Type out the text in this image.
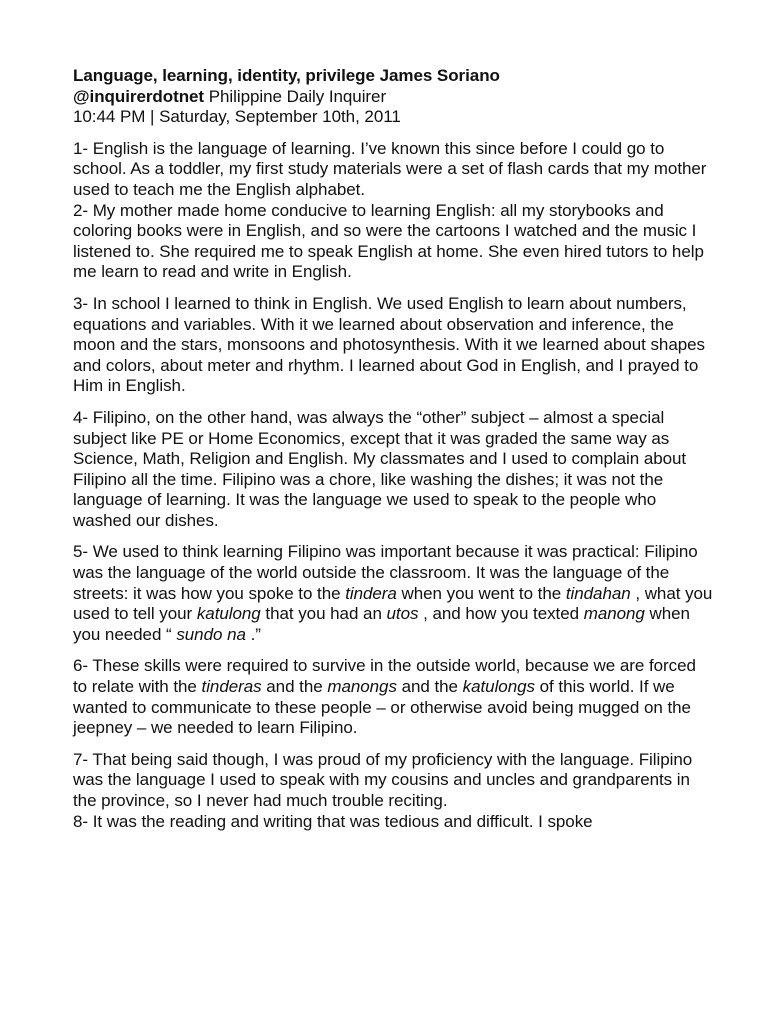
Language, learning, identity, privilege James Soriano
@inquirerdotnet Philippine Daily Inquirer
10:44 PM | Saturday, September 10th, 2011
1- English is the language of learning. I’ve known this since before I could go to school. As a toddler, my first study materials were a set of flash cards that my mother used to teach me the English alphabet.
2- My mother made home conducive to learning English: all my storybooks and coloring books were in English, and so were the cartoons I watched and the music I listened to. She required me to speak English at home. She even hired tutors to help me learn to read and write in English.
3- In school I learned to think in English. We used English to learn about numbers, equations and variables. With it we learned about observation and inference, the moon and the stars, monsoons and photosynthesis. With it we learned about shapes and colors, about meter and rhythm. I learned about God in English, and I prayed to Him in English.
4- Filipino, on the other hand, was always the “other” subject – almost a special subject like PE or Home Economics, except that it was graded the same way as Science, Math, Religion and English. My classmates and I used to complain about Filipino all the time. Filipino was a chore, like washing the dishes; it was not the language of learning. It was the language we used to speak to the people who washed our dishes.
5- We used to think learning Filipino was important because it was practical: Filipino was the language of the world outside the classroom. It was the language of the streets: it was how you spoke to the tindera when you went to the tindahan , what you used to tell your katulong that you had an utos , and how you texted manong when you needed “ sundo na .”
6- These skills were required to survive in the outside world, because we are forced to relate with the tinderas and the manongs and the katulongs of this world. If we wanted to communicate to these people – or otherwise avoid being mugged on the jeepney – we needed to learn Filipino.
7- That being said though, I was proud of my proficiency with the language. Filipino was the language I used to speak with my cousins and uncles and grandparents in the province, so I never had much trouble reciting.
8- It was the reading and writing that was tedious and difficult. I spoke
